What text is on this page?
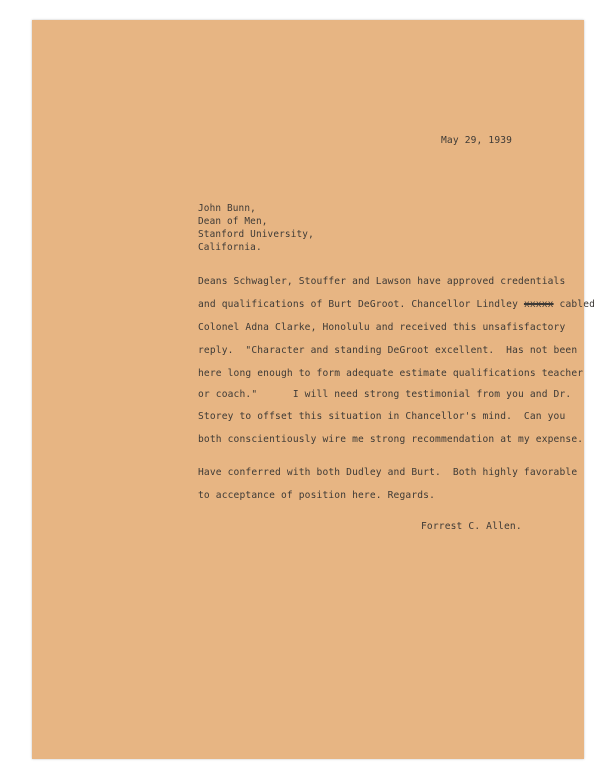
May 29, 1939
John Bunn,
Dean of Men,
Stanford University,
California.
Deans Schwagler, Stouffer and Lawson have approved credentials
and qualifications of Burt DeGroot. Chancellor Lindley xxxxx cabled
Colonel Adna Clarke, Honolulu and received this unsafisfactory
reply.  "Character and standing DeGroot excellent.  Has not been
here long enough to form adequate estimate qualifications teacher
or coach."      I will need strong testimonial from you and Dr.
Storey to offset this situation in Chancellor's mind.  Can you
both conscientiously wire me strong recommendation at my expense.
Have conferred with both Dudley and Burt.  Both highly favorable
to acceptance of position here. Regards.
Forrest C. Allen.
